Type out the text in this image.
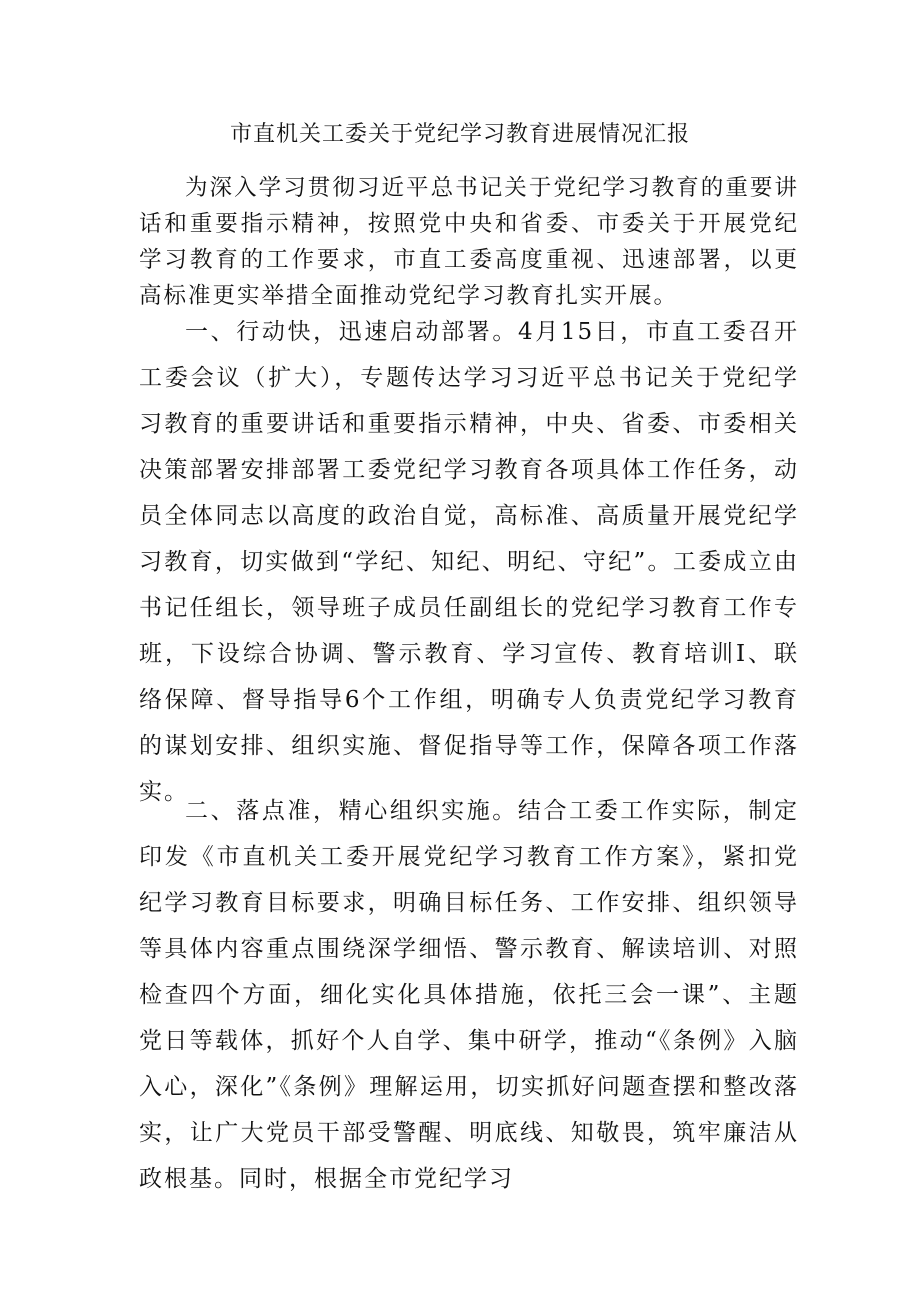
市直机关工委关于党纪学习教育进展情况汇报

为深入学习贯彻习近平总书记关于党纪学习教育的重要讲话和重要指示精神，按照党中央和省委、市委关于开展党纪学习教育的工作要求，市直工委高度重视、迅速部署，以更高标准更实举措全面推动党纪学习教育扎实开展。

一、行动快，迅速启动部署。4月15日，市直工委召开工委会议（扩大），专题传达学习习近平总书记关于党纪学习教育的重要讲话和重要指示精神，中央、省委、市委相关决策部署安排部署工委党纪学习教育各项具体工作任务，动员全体同志以高度的政治自觉，高标准、高质量开展党纪学习教育，切实做到“学纪、知纪、明纪、守纪”。工委成立由书记任组长，领导班子成员任副组长的党纪学习教育工作专班，下设综合协调、警示教育、学习宣传、教育培训I、联络保障、督导指导6个工作组，明确专人负责党纪学习教育的谋划安排、组织实施、督促指导等工作，保障各项工作落实。

二、落点准，精心组织实施。结合工委工作实际，制定印发《市直机关工委开展党纪学习教育工作方案》，紧扣党纪学习教育目标要求，明确目标任务、工作安排、组织领导等具体内容重点围绕深学细悟、警示教育、解读培训、对照检查四个方面，细化实化具体措施，依托三会一课”、主题党日等载体，抓好个人自学、集中研学，推动“《条例》入脑入心，深化”《条例》理解运用，切实抓好问题查摆和整改落实，让广大党员干部受警醒、明底线、知敬畏，筑牢廉洁从政根基。同时，根据全市党纪学习
